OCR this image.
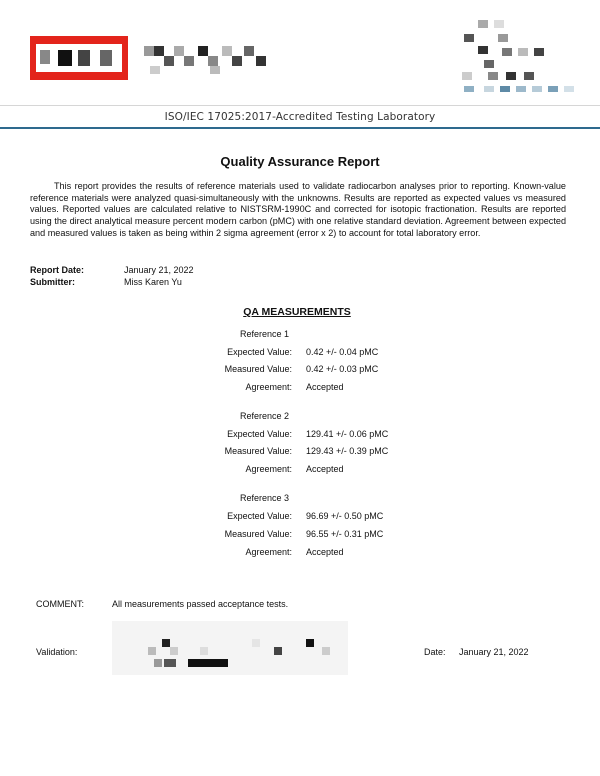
ISO/IEC 17025:2017-Accredited Testing Laboratory
Quality Assurance Report
This report provides the results of reference materials used to validate radiocarbon analyses prior to reporting. Known-value reference materials were analyzed quasi-simultaneously with the unknowns. Results are reported as expected values vs measured values. Reported values are calculated relative to NISTSRM-1990C and corrected for isotopic fractionation. Results are reported using the direct analytical measure percent modern carbon (pMC) with one relative standard deviation. Agreement between expected and measured values is taken as being within 2 sigma agreement (error x 2) to account for total laboratory error.
Report Date:	January 21, 2022
Submitter:	Miss Karen Yu
QA MEASUREMENTS
Reference 1
Expected Value: 0.42 +/- 0.04 pMC
Measured Value: 0.42 +/- 0.03 pMC
Agreement: Accepted
Reference 2
Expected Value: 129.41 +/- 0.06 pMC
Measured Value: 129.43 +/- 0.39 pMC
Agreement: Accepted
Reference 3
Expected Value: 96.69 +/- 0.50 pMC
Measured Value: 96.55 +/- 0.31 pMC
Agreement: Accepted
COMMENT:	All measurements passed acceptance tests.
Validation:	Date: January 21, 2022
